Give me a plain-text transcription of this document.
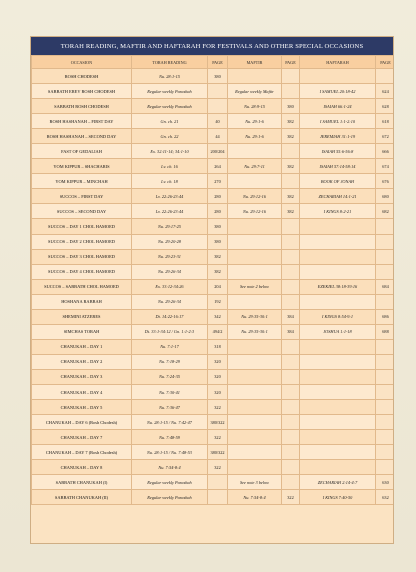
TORAH READING, MAFTIR AND HAFTARAH FOR FESTIVALS AND OTHER SPECIAL OCCASIONS
OCCASION	TORAH READING	PAGE	MAFTIR	PAGE	HAFTARAH	PAGE
ROSH CHODESH	Nu. 28:1-15	380				
SABBATH EREV ROSH CHODESH	Regular weekly Parashah		Regular weekly Maftir		I SAMUEL 20:18-42	624
SABBATH ROSH CHODESH	Regular weekly Parashah		Nu. 28:9-15	380	ISAIAH 66:1-24	628
ROSH HASHANAH – FIRST DAY	Gn. ch. 21	40	Nu. 29:1-6	382	I SAMUEL 1:1-2:10	618
ROSH HASHANAH – SECOND DAY	Gn. ch. 22	44	Nu. 29:1-6	382	JEREMIAH 31:1-19	672
FAST OF GEDALIAH	Ex. 32:11-14; 34:1-10	200/204			ISAIAH 55:6-56:8	666
YOM KIPPUR – SHACHARIS	Lv. ch. 16	264	Nu. 29:7-11	382	ISAIAH 57:14-58:14	674
YOM KIPPUR – MINCHAH	Lv. ch. 18	270			BOOK OF JONAH	676
SUCCOS – FIRST DAY	Lv. 22:26-23:44	280	Nu. 29:12-16	382	ZECHARIAH 14:1-21	680
SUCCOS – SECOND DAY	Lv. 22:26-23:44	280	Nu. 29:12-16	382	I KINGS 8:2-21	682
SUCCOS – DAY 1 CHOL HAMOED	Nu. 29:17-25	380				
SUCCOS – DAY 2 CHOL HAMOED	Nu. 29:20-28	380				
SUCCOS – DAY 3 CHOL HAMOED	Nu. 29:23-31	382				
SUCCOS – DAY 4 CHOL HAMOED	Nu. 29:26-34	382				
SUCCOS – SABBATH CHOL HAMOED	Ex. 33:12-34:26	204	See note 2 below		EZEKIEL 38:18-39:16	684
HOSHANA RABBAH	Nu. 29:26-34	192				
SHEMINI ATZERES	Dt. 14:22-16:17	342	Nu. 29:35-30:1	384	I KINGS 8:54-9:1	686
SIMCHAS TORAH	Dt. 33:1-34:12 / Gn. 1:1-2:3	494/2	Nu. 29:35-30:1	384	JOSHUA 1:1-18	688
CHANUKAH – DAY 1	Nu. 7:1-17	318				
CHANUKAH – DAY 2	Nu. 7:18-29	320				
CHANUKAH – DAY 3	Nu. 7:24-35	320				
CHANUKAH – DAY 4	Nu. 7:30-41	320				
CHANUKAH – DAY 5	Nu. 7:36-47	322				
CHANUKAH – DAY 6 (Rosh Chodesh)	Nu. 28:1-15 / Nu. 7:42-47	380/322				
CHANUKAH – DAY 7	Nu. 7:48-59	322				
CHANUKAH – DAY 7 (Rosh Chodesh)	Nu. 28:1-15 / Nu. 7:48-53	380/322				
CHANUKAH – DAY 8	Nu. 7:54-8:4	322				
SABBATH CHANUKAH (I)	Regular weekly Parashah		See note 3 below		ZECHARIAH 2:14-4:7	630
SABBATH CHANUKAH (II)	Regular weekly Parashah		Nu. 7:54-8:4	322	I KINGS 7:40-50	632
